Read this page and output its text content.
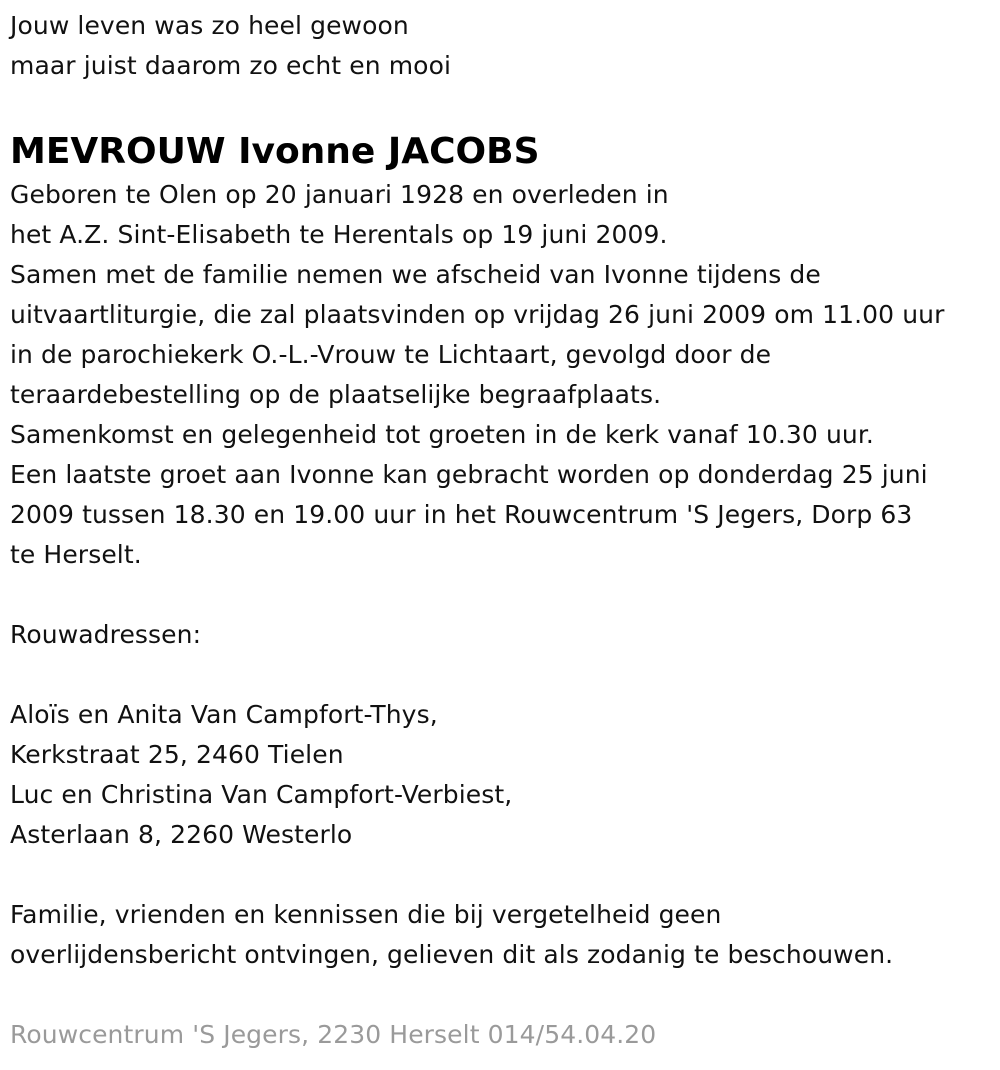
Jouw leven was zo heel gewoon
maar juist daarom zo echt en mooi
MEVROUW Ivonne JACOBS
Geboren te Olen op 20 januari 1928 en overleden in
het A.Z. Sint-Elisabeth te Herentals op 19 juni 2009.
Samen met de familie nemen we afscheid van Ivonne tijdens de
uitvaartliturgie, die zal plaatsvinden op vrijdag 26 juni 2009 om 11.00 uur
in de parochiekerk O.-L.-Vrouw te Lichtaart, gevolgd door de
teraardebestelling op de plaatselijke begraafplaats.
Samenkomst en gelegenheid tot groeten in de kerk vanaf 10.30 uur.
Een laatste groet aan Ivonne kan gebracht worden op donderdag 25 juni
2009 tussen 18.30 en 19.00 uur in het Rouwcentrum 'S Jegers, Dorp 63
te Herselt.
Rouwadressen:
Aloïs en Anita Van Campfort-Thys,
Kerkstraat 25, 2460 Tielen
Luc en Christina Van Campfort-Verbiest,
Asterlaan 8, 2260 Westerlo
Familie, vrienden en kennissen die bij vergetelheid geen
overlijdensbericht ontvingen, gelieven dit als zodanig te beschouwen.
Rouwcentrum 'S Jegers, 2230 Herselt 014/54.04.20
